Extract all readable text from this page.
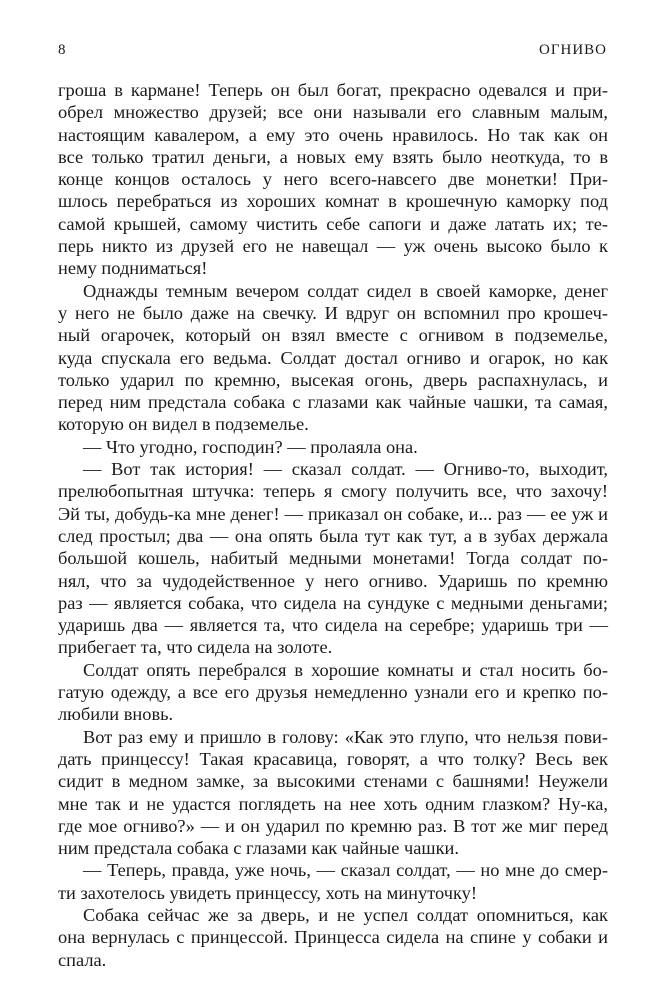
8	ОГНИВО
гроша в кармане! Теперь он был богат, прекрасно одевался и при-
обрел множество друзей; все они называли его славным малым,
настоящим кавалером, а ему это очень нравилось. Но так как он
все только тратил деньги, а новых ему взять было неоткуда, то в
конце концов осталось у него всего-навсего две монетки! При-
шлось перебраться из хороших комнат в крошечную каморку под
самой крышей, самому чистить себе сапоги и даже латать их; те-
перь никто из друзей его не навещал — уж очень высоко было к
нему подниматься!
Однажды темным вечером солдат сидел в своей каморке, денег
у него не было даже на свечку. И вдруг он вспомнил про крошеч-
ный огарочек, который он взял вместе с огнивом в подземелье,
куда спускала его ведьма. Солдат достал огниво и огарок, но как
только ударил по кремню, высекая огонь, дверь распахнулась, и
перед ним предстала собака с глазами как чайные чашки, та самая,
которую он видел в подземелье.
— Что угодно, господин? — пролаяла она.
— Вот так история! — сказал солдат. — Огниво-то, выходит,
прелюбопытная штучка: теперь я смогу получить все, что захочу!
Эй ты, добудь-ка мне денег! — приказал он собаке, и... раз — ее уж и
след простыл; два — она опять была тут как тут, а в зубах держала
большой кошель, набитый медными монетами! Тогда солдат по-
нял, что за чудодейственное у него огниво. Ударишь по кремню
раз — является собака, что сидела на сундуке с медными деньгами;
ударишь два — является та, что сидела на серебре; ударишь три —
прибегает та, что сидела на золоте.
Солдат опять перебрался в хорошие комнаты и стал носить бо-
гатую одежду, а все его друзья немедленно узнали его и крепко по-
любили вновь.
Вот раз ему и пришло в голову: «Как это глупо, что нельзя пови-
дать принцессу! Такая красавица, говорят, а что толку? Весь век
сидит в медном замке, за высокими стенами с башнями! Неужели
мне так и не удастся поглядеть на нее хоть одним глазком? Ну-ка,
где мое огниво?» — и он ударил по кремню раз. В тот же миг перед
ним предстала собака с глазами как чайные чашки.
— Теперь, правда, уже ночь, — сказал солдат, — но мне до смер-
ти захотелось увидеть принцессу, хоть на минуточку!
Собака сейчас же за дверь, и не успел солдат опомниться, как
она вернулась с принцессой. Принцесса сидела на спине у собаки и
спала.
